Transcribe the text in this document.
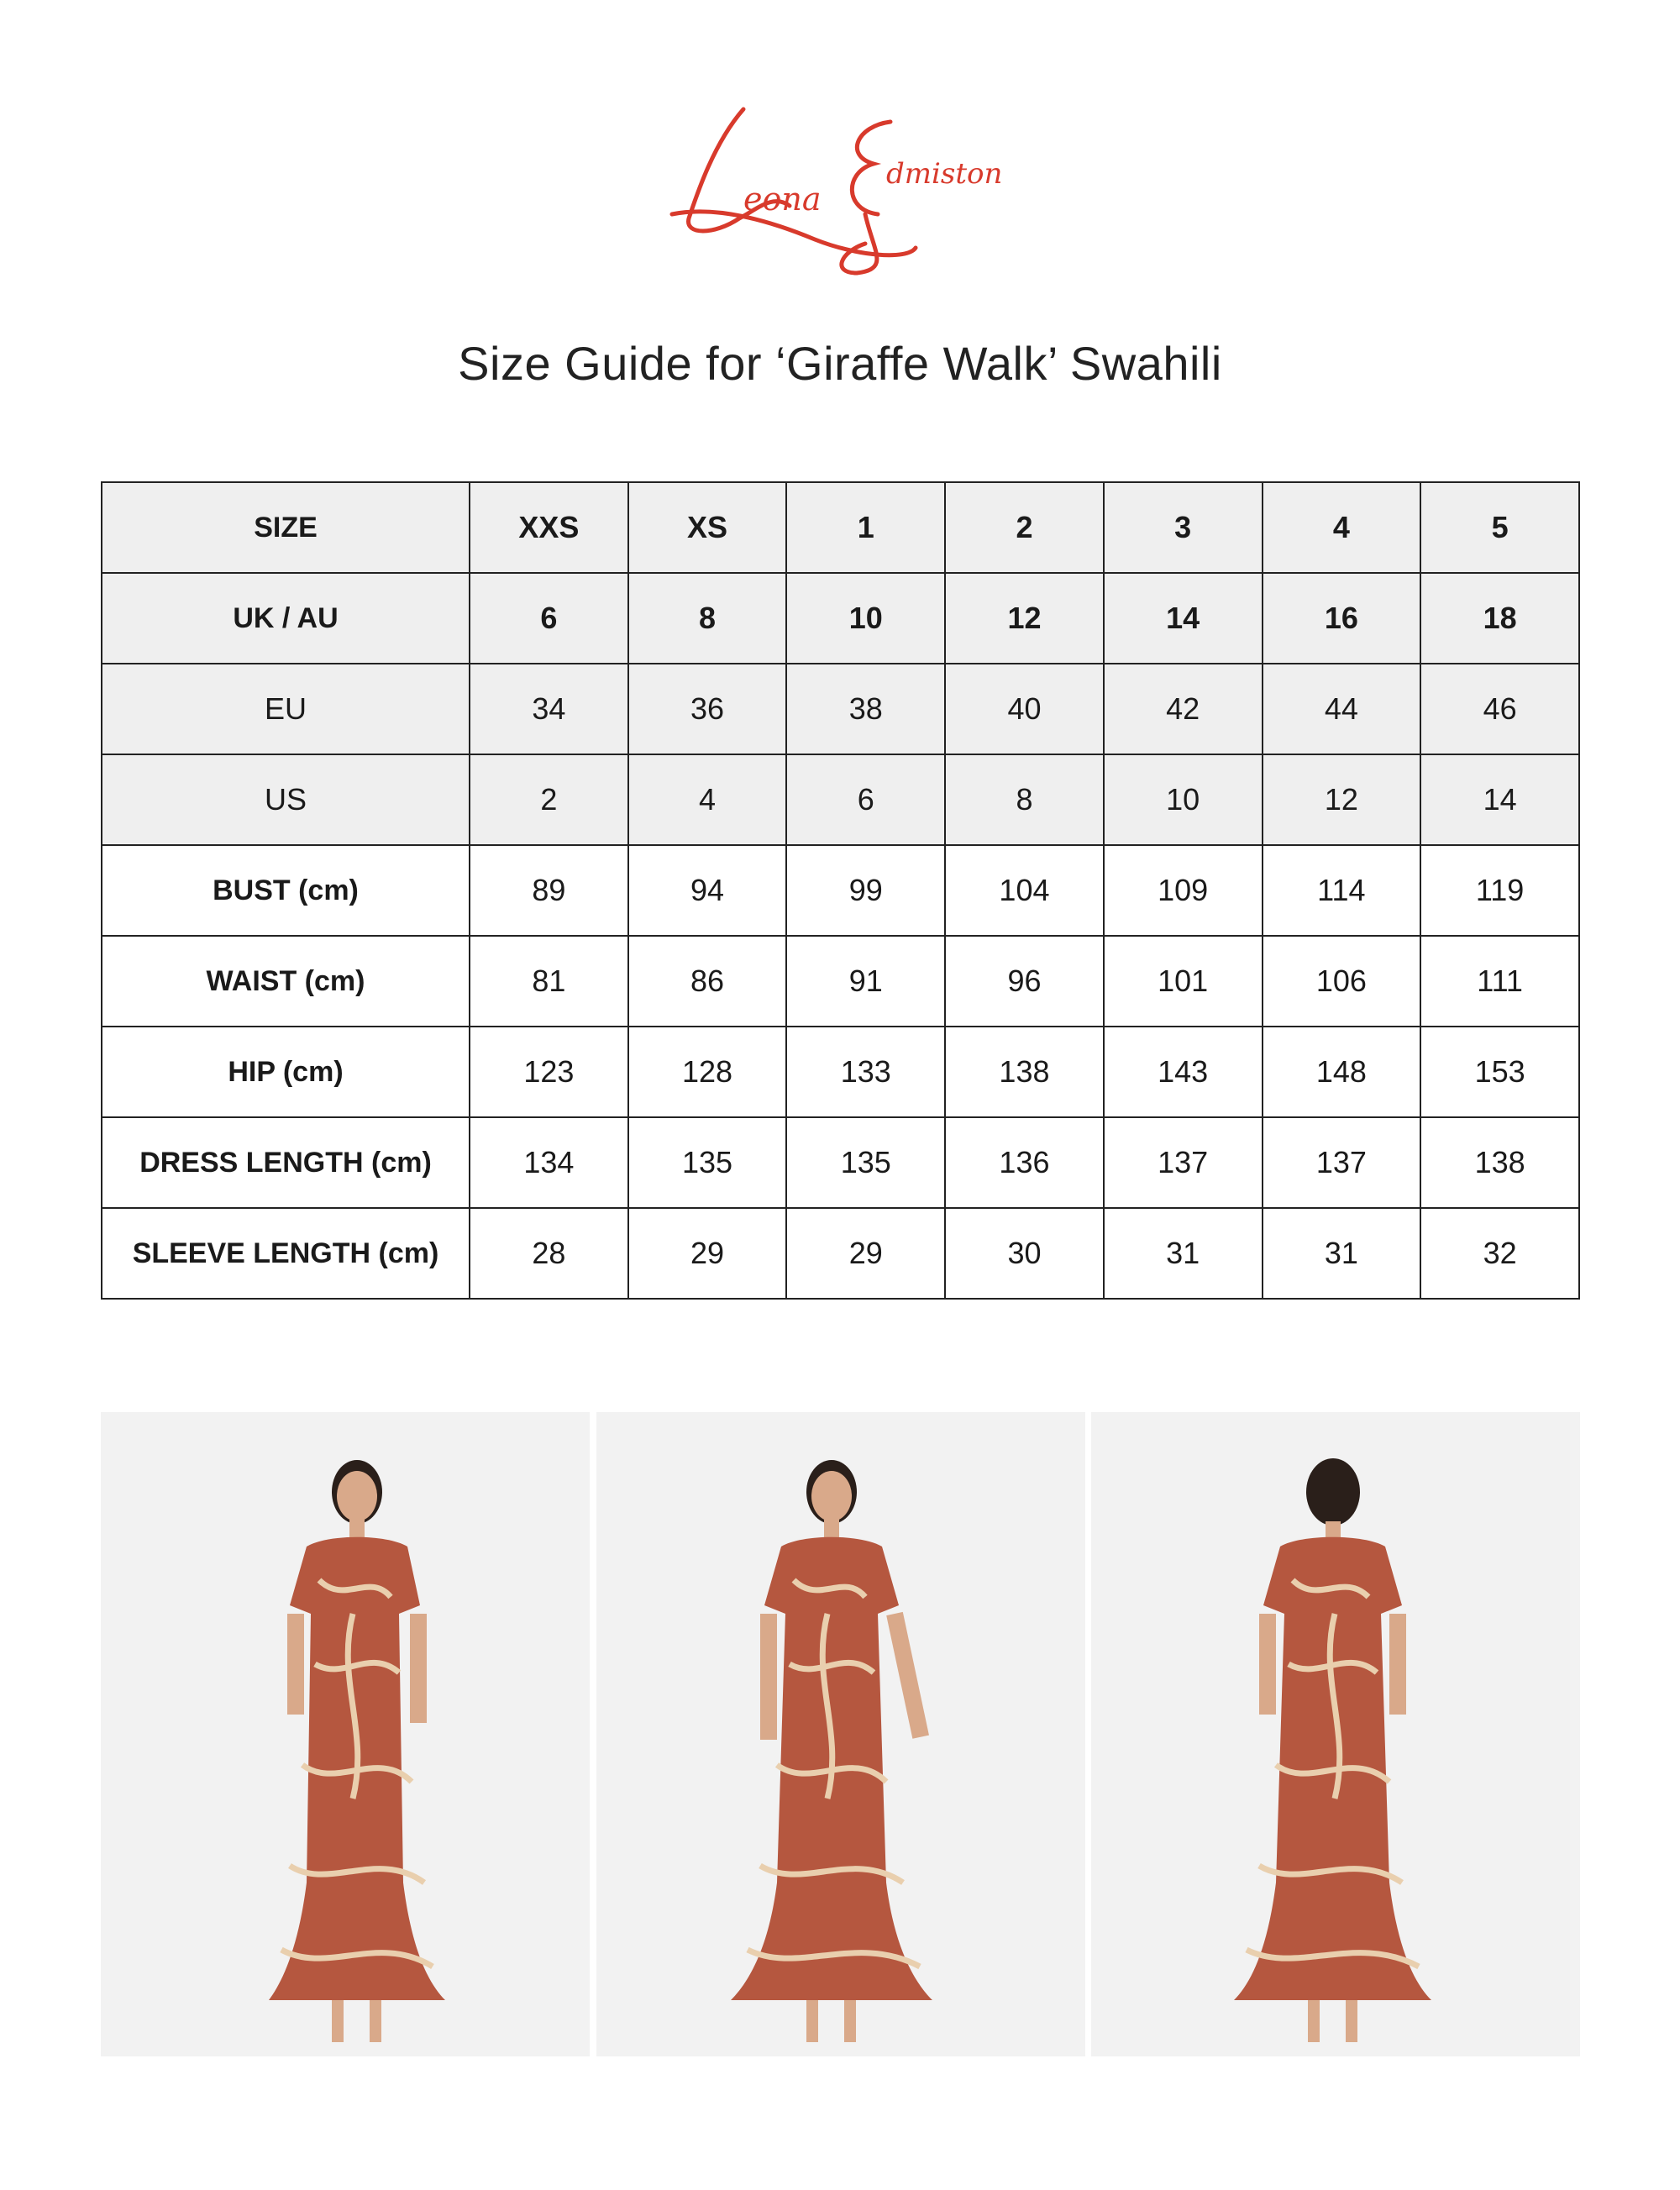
eona
dmiston
Size Guide for ‘Giraffe Walk’ Swahili
SIZE	XXS	XS	1	2	3	4	5
UK / AU	6	8	10	12	14	16	18
EU	34	36	38	40	42	44	46
US	2	4	6	8	10	12	14
BUST (cm)	89	94	99	104	109	114	119
WAIST (cm)	81	86	91	96	101	106	111
HIP (cm)	123	128	133	138	143	148	153
DRESS LENGTH (cm)	134	135	135	136	137	137	138
SLEEVE LENGTH (cm)	28	29	29	30	31	31	32
